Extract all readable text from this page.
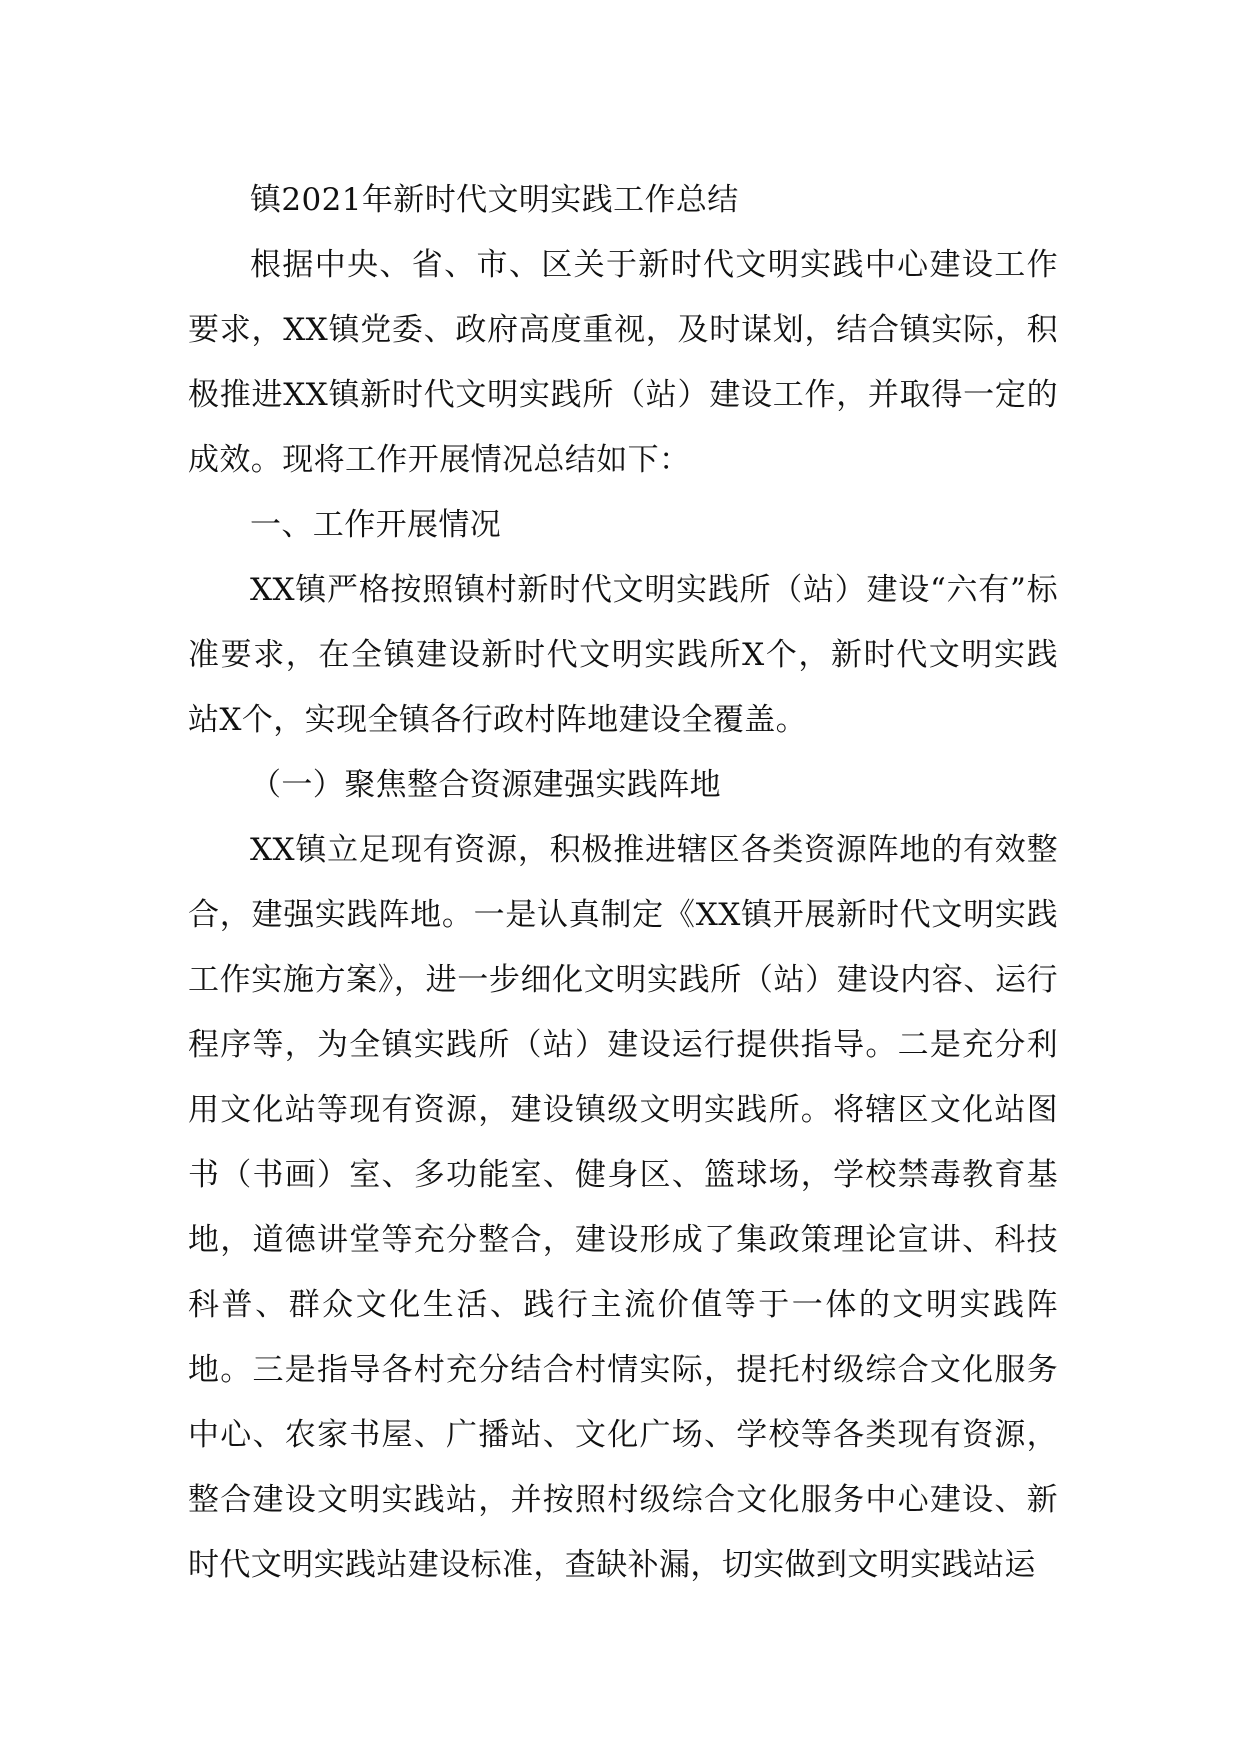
镇2021年新时代文明实践工作总结

根据中央、省、市、区关于新时代文明实践中心建设工作要求，XX镇党委、政府高度重视，及时谋划，结合镇实际，积极推进XX镇新时代文明实践所（站）建设工作，并取得一定的成效。现将工作开展情况总结如下：

一、工作开展情况

XX镇严格按照镇村新时代文明实践所（站）建设“六有”标准要求，在全镇建设新时代文明实践所X个，新时代文明实践站X个，实现全镇各行政村阵地建设全覆盖。

（一）聚焦整合资源建强实践阵地

XX镇立足现有资源，积极推进辖区各类资源阵地的有效整合，建强实践阵地。一是认真制定《XX镇开展新时代文明实践工作实施方案》，进一步细化文明实践所（站）建设内容、运行程序等，为全镇实践所（站）建设运行提供指导。二是充分利用文化站等现有资源，建设镇级文明实践所。将辖区文化站图书（书画）室、多功能室、健身区、篮球场，学校禁毒教育基地，道德讲堂等充分整合，建设形成了集政策理论宣讲、科技科普、群众文化生活、践行主流价值等于一体的文明实践阵地。三是指导各村充分结合村情实际，提托村级综合文化服务中心、农家书屋、广播站、文化广场、学校等各类现有资源，整合建设文明实践站，并按照村级综合文化服务中心建设、新时代文明实践站建设标准，查缺补漏，切实做到文明实践站运
